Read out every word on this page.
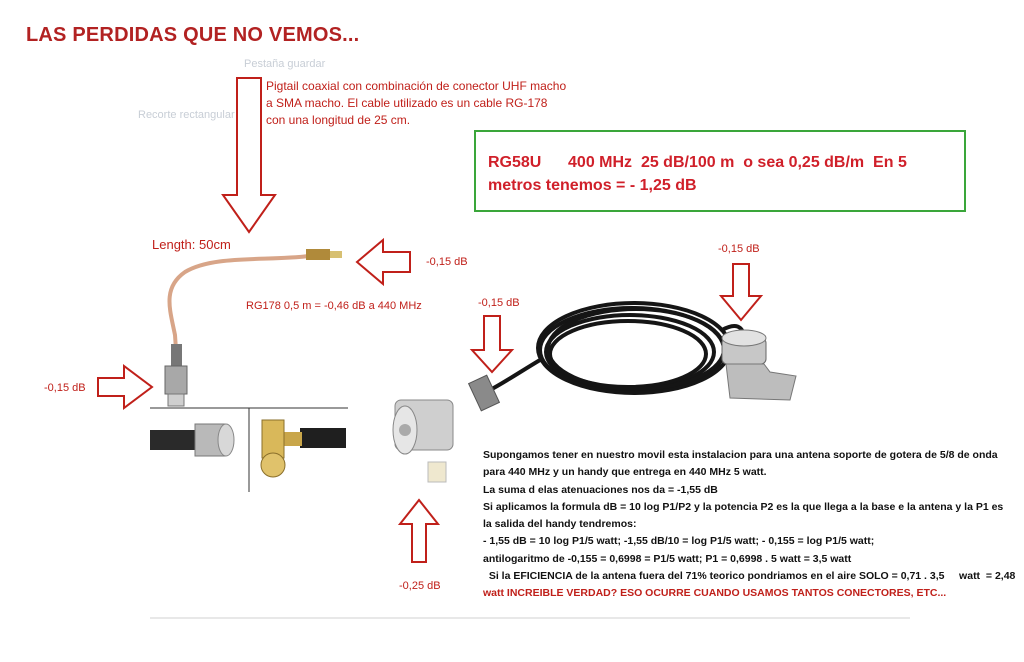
LAS PERDIDAS QUE NO VEMOS...
Pestaña guardar
Recorte rectangular
Pigtail coaxial con combinación de conector UHF macho
a SMA macho. El cable utilizado es un cable RG-178
con una longitud de 25 cm.
Length: 50cm
RG178 0,5 m = -0,46 dB a 440 MHz
-0,15 dB
-0,15 dB
-0,15 dB
-0,15 dB
-0,25 dB
RG58U      400 MHz  25 dB/100 m  o sea 0,25 dB/m  En 5
metros tenemos = - 1,25 dB
Supongamos tener en nuestro movil esta instalacion para una antena soporte de gotera de 5/8 de onda
para 440 MHz y un handy que entrega en 440 MHz 5 watt.
La suma d elas atenuaciones nos da = -1,55 dB
Si aplicamos la formula dB = 10 log P1/P2 y la potencia P2 es la que llega a la base e la antena y la P1 es
la salida del handy tendremos:
- 1,55 dB = 10 log P1/5 watt; -1,55 dB/10 = log P1/5 watt; - 0,155 = log P1/5 watt;
antilogaritmo de -0,155 = 0,6998 = P1/5 watt; P1 = 0,6998 . 5 watt = 3,5 watt
Si la EFICIENCIA de la antena fuera del 71% teorico pondriamos en el aire SOLO = 0,71 . 3,5     watt  = 2,48
watt INCREIBLE VERDAD? ESO OCURRE CUANDO USAMOS TANTOS CONECTORES, ETC...
